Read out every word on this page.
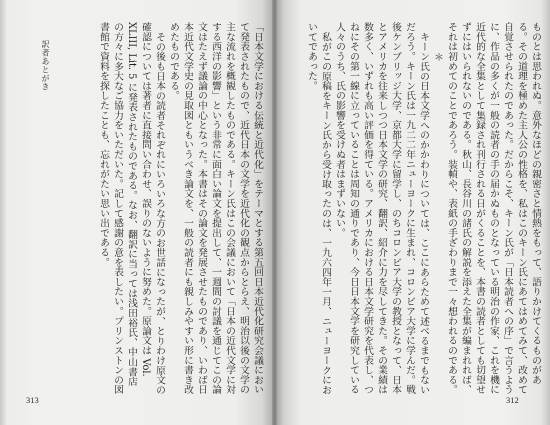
訳者あとがき	「日本文学における伝統と近代化」をテーマとする第五回日本近代化研究会議において発表されたもので、近代日本の文学を近代化の観点からとらえ、明治以後の文学の主な流れを概観したものである。キーン氏はこの会議において「日本の近代文学に対する西洋の影響」という非常に面白い論文を提出して、一週間の討議を通じてこの論文はたえず議論の中心となった。本書はその論文を発展させたものであり、いわば日本近代文学史の見取図ともいうべき論文を、一般の読者にも親しみやすい形に書き改めたものである。

その後も日本の読者それぞれにいろいろな方のお世話になったが、とりわけ原文の確認については著者に直接問い合わせ、誤りのないように努めた。原論文は Vol. XLIII, Lit. 5 に発表されたものである。なお、翻訳に当っては浅田裕氏、中山書店の方々に多大なご協力をいただいた。記して感謝の意を表したい。プリンストンの図書館で資料を探したことも、忘れがたい思い出である。

313

ものとは思われぬ。意外なほどの親密さと情熱をもって、語りかけてくるものがある。その道理を極めた主人公の性格を、私はこのキーン氏にあてはめてみて、改めて自覚させられたのであった。だからこそ、キーン氏が「日本読者への序」で言うように、作品の多くが一般の読者の手の届かぬものとなっている明治の作家、これを機に近代的な全集として集録され刊行される日がくることを、本書の読者としても切望せずにはいられないのである。秋山、長谷川の諸氏の解説を添えた全集が編まれれば、それは初めてのことであろう。装幀や、表紙の手ざわりまで一々想われるのである。

＊

キーン氏の日本文学へのかかわりについては、ここにあらためて述べるまでもないだろう。キーン氏は一九二二年ニューヨークに生まれ、コロンビア大学に学んだ。戦後ケンブリッジ大学、京都大学に留学し、のちコロンビア大学の教授となって、日本とアメリカを往来しつつ日本文学の研究、翻訳、紹介に力を尽してきた。その業績は数多く、いずれも高い評価を得ている。アメリカにおける日本文学研究を代表し、つねにその第一線に立っていることは周知の通りであり、今日日本文学を研究している人々のうち、氏の影響を受けぬ者はまずいない。

私がこの原稿をキーン氏から受け取ったのは、一九六四年一月、ニューヨークにおいてであった。

312
